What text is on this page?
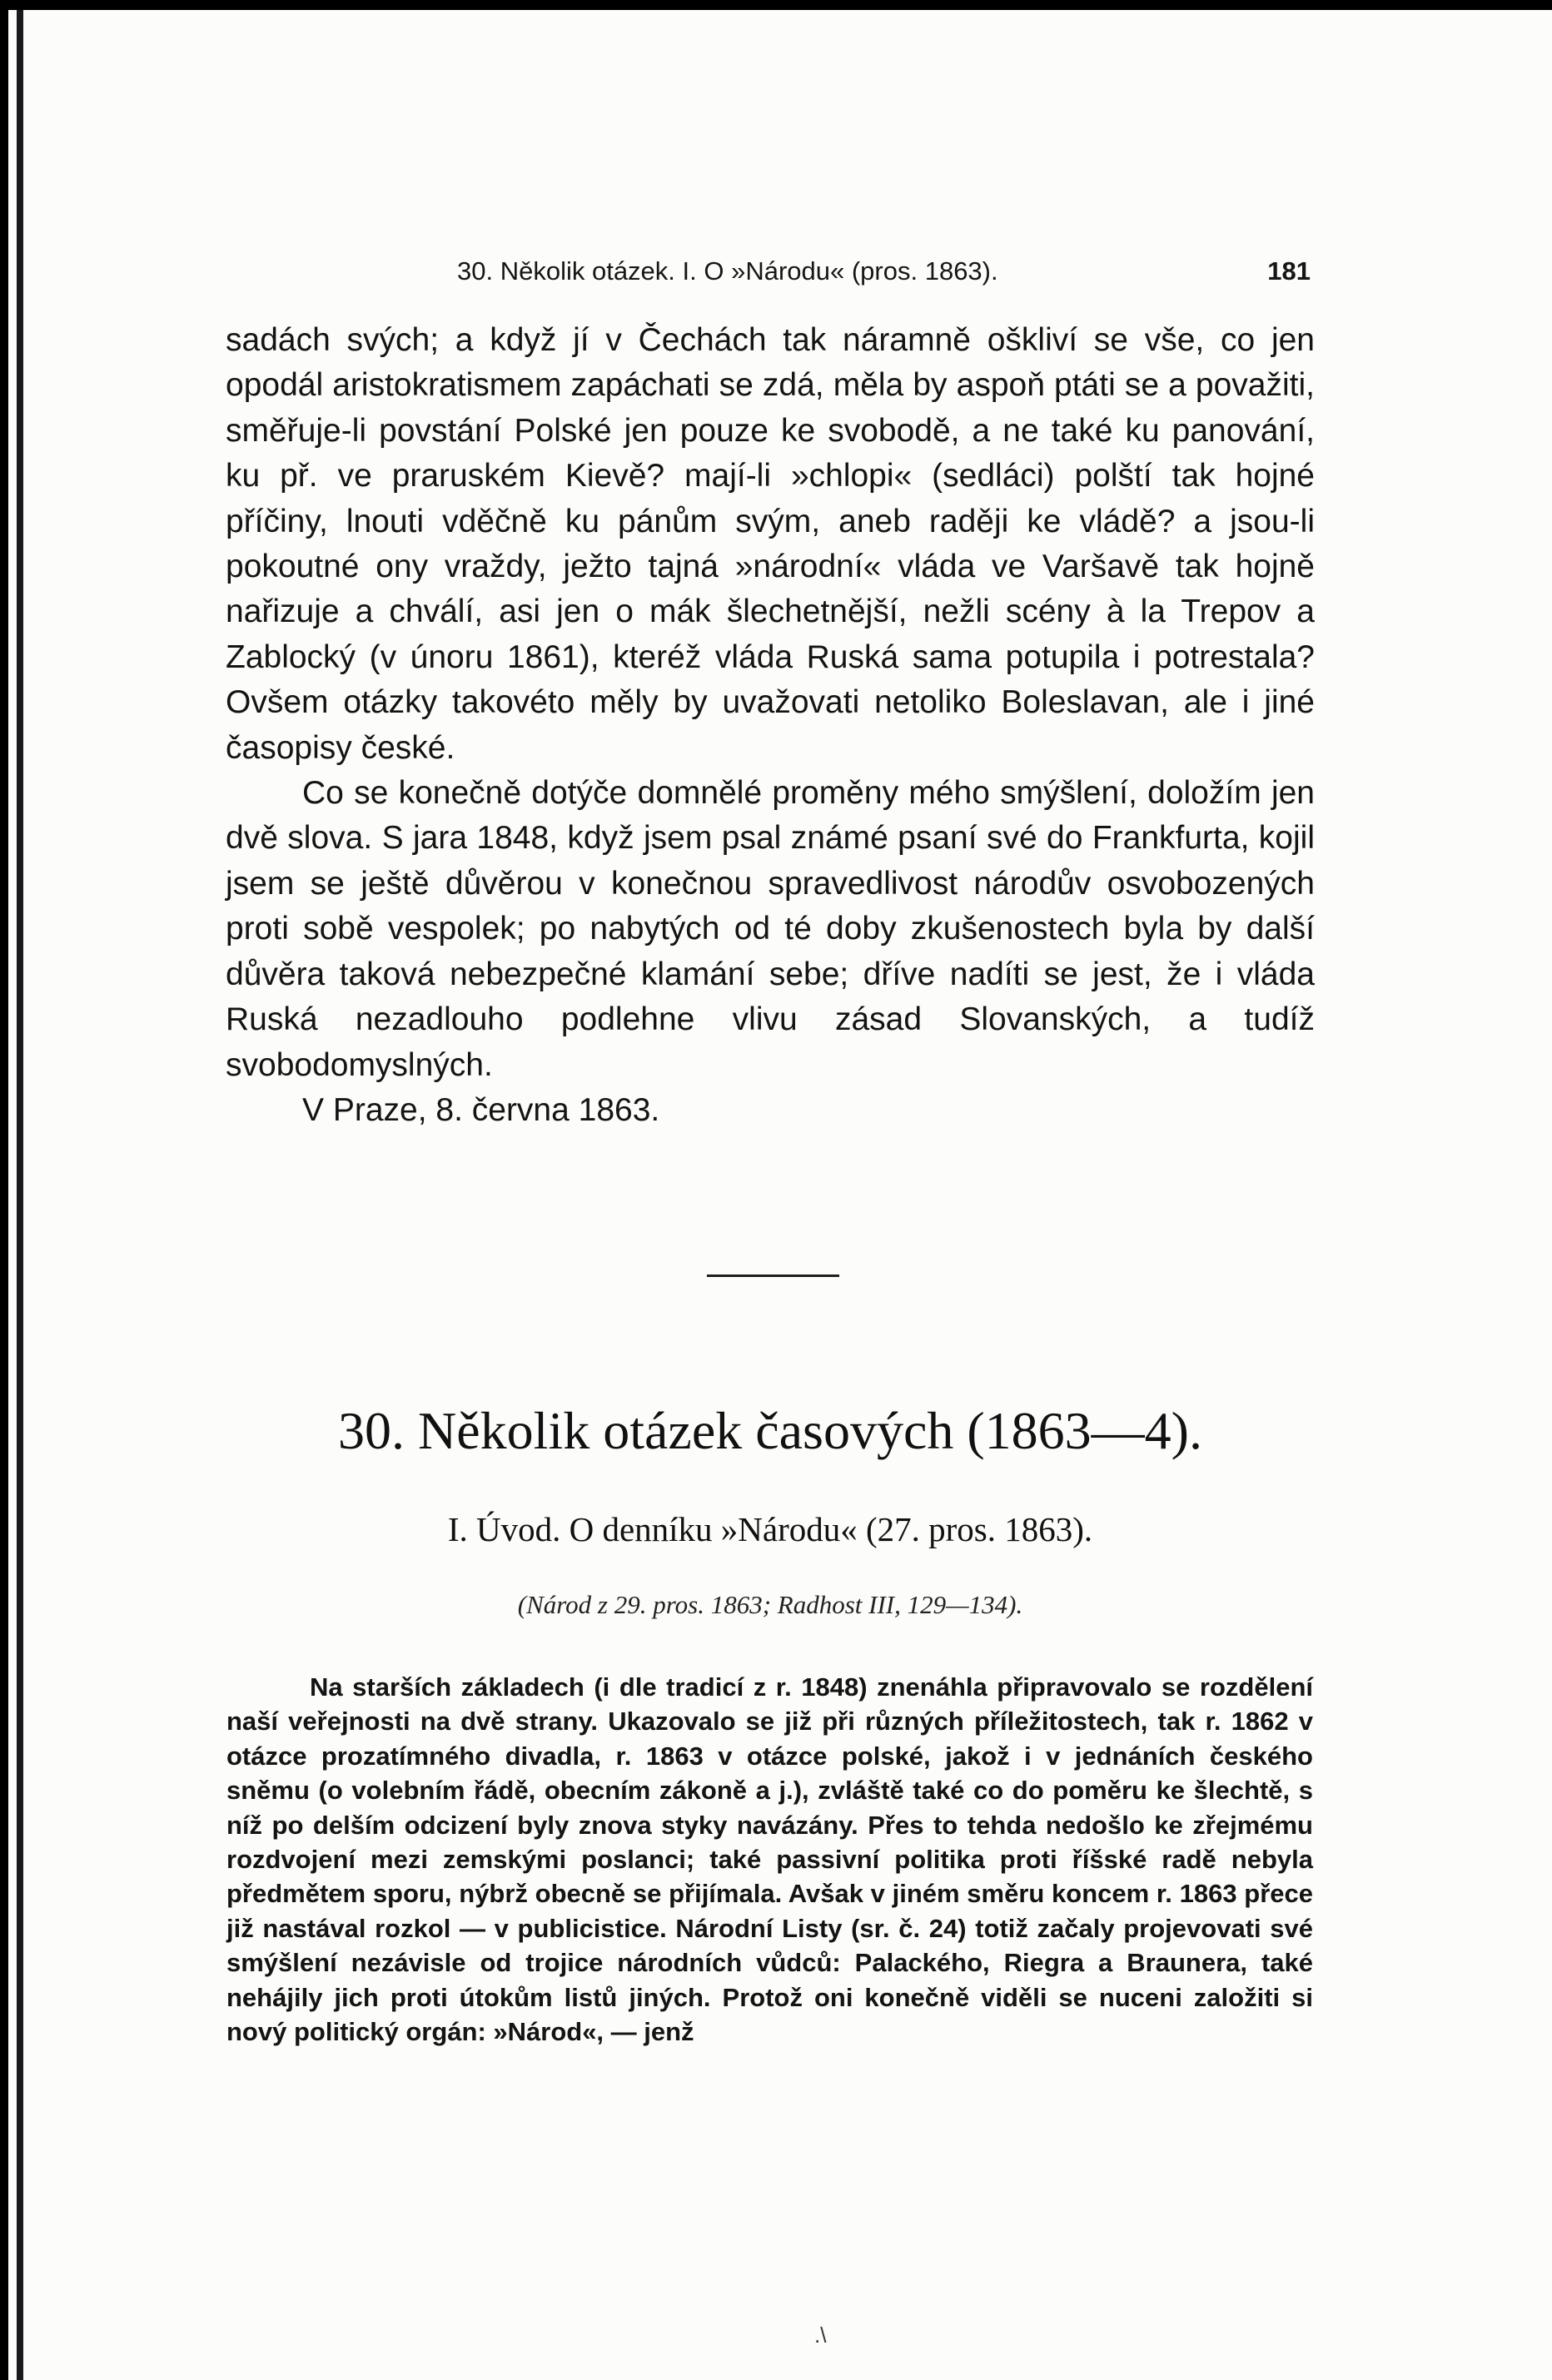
30. Několik otázek. I. O »Národu« (pros. 1863).	181

sadách svých; a když jí v Čechách tak náramně oškliví se vše, co jen opodál aristokratismem zapáchati se zdá, měla by aspoň ptáti se a považiti, směřuje-li povstání Polské jen pouze ke svobodě, a ne také ku panování, ku př. ve praruském Kievě? mají-li »chlopi« (sedláci) polští tak hojné příčiny, lnouti vděčně ku pánům svým, aneb raději ke vládě? a jsou-li pokoutné ony vraždy, ježto tajná »národní« vláda ve Varšavě tak hojně nařizuje a chválí, asi jen o mák šlechetnější, nežli scény à la Trepov a Zablocký (v únoru 1861), kteréž vláda Ruská sama potupila i potrestala? Ovšem otázky takovéto měly by uvažovati netoliko Boleslavan, ale i jiné časopisy české.

Co se konečně dotýče domnělé proměny mého smýšlení, doložím jen dvě slova. S jara 1848, když jsem psal známé psaní své do Frankfurta, kojil jsem se ještě důvěrou v konečnou spravedlivost národův osvobozených proti sobě vespolek; po nabytých od té doby zkušenostech byla by další důvěra taková nebezpečné klamání sebe; dříve nadíti se jest, že i vláda Ruská nezadlouho podlehne vlivu zásad Slovanských, a tudíž svobodomyslných.

V Praze, 8. června 1863.

30. Několik otázek časových (1863—4).
I. Úvod. O denníku »Národu« (27. pros. 1863).
(Národ z 29. pros. 1863; Radhost III, 129—134).

Na starších základech (i dle tradicí z r. 1848) znenáhla připravovalo se rozdělení naší veřejnosti na dvě strany. Ukazovalo se již při různých příležitostech, tak r. 1862 v otázce prozatímného divadla, r. 1863 v otázce polské, jakož i v jednáních českého sněmu (o volebním řádě, obecním zákoně a j.), zvláště také co do poměru ke šlechtě, s níž po delším odcizení byly znova styky navázány. Přes to tehda nedošlo ke zřejmému rozdvojení mezi zemskými poslanci; také passivní politika proti říšské radě nebyla předmětem sporu, nýbrž obecně se přijímala. Avšak v jiném směru koncem r. 1863 přece již nastával rozkol — v publicistice. Národní Listy (sr. č. 24) totiž začaly projevovati své smýšlení nezávisle od trojice národních vůdců: Palackého, Riegra a Braunera, také nehájily jich proti útokům listů jiných. Protož oni konečně viděli se nuceni založiti si nový politický orgán: »Národ«, — jenž

.\
